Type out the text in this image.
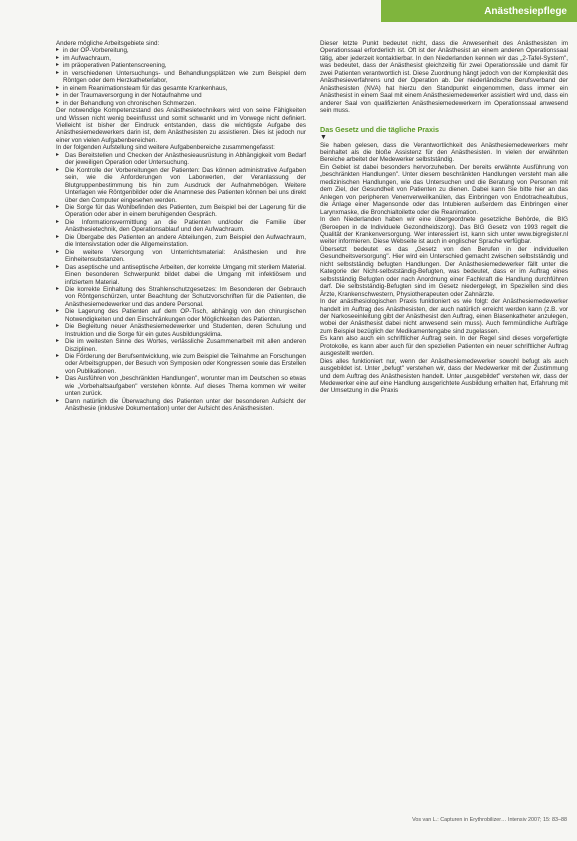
Anästhesiepflege

Andere mögliche Arbeitsgebiete sind:

▸ in der OP-Vorbereitung,
▸ im Aufwachraum,
▸ im präoperativen Patientenscreening,
▸ in verschiedenen Untersuchungs- und Behandlungsplätzen wie zum Beispiel dem Röntgen oder dem Herzkatheterlabor,
▸ in einem Reanimationsteam für das gesamte Krankenhaus,
▸ in der Traumaversorgung in der Notaufnahme und
▸ in der Behandlung von chronischen Schmerzen.

Der notwendige Kompetenzstand des Anästhesietechnikers wird von seine Fähigkeiten und Wissen nicht wenig beeinflusst und somit schwankt und im Vorwege nicht definiert. Vielleicht ist bisher der Eindruck entstanden, dass die wichtigste Aufgabe des Anästhesiemedewerkers darin ist, dem Anästhesisten zu assistieren. Dies ist jedoch nur einer von vielen Aufgabenbereichen.

In der folgenden Aufstellung sind weitere Aufgabenbereiche zusammengefasst:

▸ Das Bereitstellen und Checken der Anästhesieausrüstung in Abhängigkeit vom Bedarf der jeweiligen Operation oder Untersuchung.
▸ Die Kontrolle der Vorbereitungen der Patienten: Das können administrative Aufgaben sein, wie die Anforderungen von Laborwerten, der Veranlassung der Blutgruppenbestimmung bis hin zum Ausdruck der Aufnahmebögen. Weitere Unterlagen wie Röntgenbilder oder die Anamnese des Patienten können bei uns direkt über den Computer eingesehen werden.
▸ Die Sorge für das Wohlbefinden des Patienten, zum Beispiel bei der Lagerung für die Operation oder aber in einem beruhigenden Gespräch.
▸ Die Informationsvermittlung an die Patienten und/oder die Familie über Anästhesietechnik, den Operationsablauf und den Aufwachraum.
▸ Die Übergabe des Patienten an andere Abteilungen, zum Beispiel den Aufwachraum, die Intensivstation oder die Allgemeinstation.
▸ Die weitere Versorgung von Unterrichtsmaterial: Anästhesien und ihre Einheitensubstanzen.
▸ Das aseptische und antiseptische Arbeiten, der korrekte Umgang mit sterilem Material. Einen besonderen Schwerpunkt bildet dabei die Umgang mit infektiösem und infiziertem Material.
▸ Die korrekte Einhaltung des Strahlenschutzgesetzes: Im Besonderen der Gebrauch von Röntgenschürzen, unter Beachtung der Schutzvorschriften für die Patienten, die Anästhesiemedewerker und das andere Personal.
▸ Die Lagerung des Patienten auf dem OP-Tisch, abhängig von den chirurgischen Notwendigkeiten und den Einschränkungen oder Möglichkeiten des Patienten.
▸ Die Begleitung neuer Anästhesiemedewerker und Studenten, deren Schulung und Instruktion und die Sorge für ein gutes Ausbildungsklima.
▸ Die im weitesten Sinne des Wortes, verlässliche Zusammenarbeit mit allen anderen Disziplinen.
▸ Die Förderung der Berufsentwicklung, wie zum Beispiel die Teilnahme an Forschungen oder Arbeitsgruppen, der Besuch von Symposien oder Kongressen sowie das Erstellen von Publikationen.
▸ Das Ausführen von „beschränkten Handlungen", worunter man im Deutschen so etwas wie „Vorbehaltsaufgaben" verstehen könnte. Auf dieses Thema kommen wir weiter unten zurück.
▸ Dann natürlich die Überwachung des Patienten unter der besonderen Aufsicht der Anästhesie (inklusive Dokumentation) unter der Aufsicht des Anästhesisten.

Dieser letzte Punkt bedeutet nicht, dass die Anwesenheit des Anästhesisten im Operationssaal erforderlich ist. Oft ist der Anästhesist an einem anderen Operationssaal tätig, aber jederzeit kontaktierbar. In den Niederlanden kennen wir das „2-Tafel-System", was bedeutet, dass der Anästhesist gleichzeitig für zwei Operationssäle und damit für zwei Patienten verantwortlich ist. Diese Zuordnung hängt jedoch von der Komplexität des Anästhesieverfahrens und der Operation ab. Der niederländische Berufsverband der Anästhesisten (NVA) hat hierzu den Standpunkt eingenommen, dass immer ein Anästhesist in einem Saal mit einem Anästhesiemedewerker assistiert wird und, dass ein anderer Saal von qualifizierten Anästhesiemedewerkern im Operationssaal anwesend sein muss.

Das Gesetz und die tägliche Praxis
▼

Sie haben gelesen, dass die Verantwortlichkeit des Anästhesiemedewerkers mehr beinhaltet als die bloße Assistenz für den Anästhesisten. In vielen der erwähnten Bereiche arbeitet der Medewerker selbstständig.

Ein Gebiet ist dabei besonders hervorzuheben. Der bereits erwähnte Ausführung von „beschränkten Handlungen". Unter diesem beschränkten Handlungen versteht man alle medizinischen Handlungen, wie das Untersuchen und die Beratung von Personen mit dem Ziel, der Gesundheit von Patienten zu dienen. Dabei kann Sie bitte hier an das Anlegen von peripheren Venenverweilkanülen, das Einbringen von Endotrachealtubus, die Anlage einer Magensonde oder das Intubieren außerdem das Einbringen einer Larynxmaske, die Bronchialtoilette oder die Reanimation.

In den Niederlanden haben wir eine übergeordnete gesetzliche Behörde, die BIG (Beroepen in de Individuele Gezondheidszorg). Das BIG Gesetz von 1993 regelt die Qualität der Krankenversorgung. Wer interessiert ist, kann sich unter www.bigregister.nl weiter informieren. Diese Webseite ist auch in englischer Sprache verfügbar.

Übersetzt bedeutet es das „Gesetz von den Berufen in der individuellen Gesundheitsversorgung". Hier wird ein Unterschied gemacht zwischen selbstständig und nicht selbstständig befugten Handlungen. Der Anästhesiemedewerker fällt unter die Kategorie der Nicht-selbstständig-Befugten, was bedeutet, dass er im Auftrag eines selbstständig Befugten oder nach Anordnung einer Fachkraft die Handlung durchführen darf. Die selbstständig-Befugten sind im Gesetz niedergelegt, im Speziellen sind dies Ärzte, Krankenschwestern, Physiotherapeuten oder Zahnärzte.

In der anästhesiologischen Praxis funktioniert es wie folgt: der Anästhesiemedewerker handelt im Auftrag des Anästhesisten, der auch natürlich erreicht werden kann (z.B. vor der Narkoseeinleitung gibt der Anästhesist den Auftrag, einen Blasenkatheter anzulegen, wobei der Anästhesist dabei nicht anwesend sein muss). Auch fernmündliche Aufträge zum Beispiel bezüglich der Medikamentengabe sind zugelassen.

Es kann also auch ein schriftlicher Auftrag sein. In der Regel sind dieses vorgefertigte Protokolle, es kann aber auch für den speziellen Patienten ein neuer schriftlicher Auftrag ausgestellt werden.

Dies alles funktioniert nur, wenn der Anästhesiemedewerker sowohl befugt als auch ausgebildet ist. Unter „befugt" verstehen wir, dass der Medewerker mit der Zustimmung und dem Auftrag des Anästhesisten handelt. Unter „ausgebildet" verstehen wir, dass der Medewerker eine auf eine Handlung ausgerichtete Ausbildung erhalten hat, Erfahrung mit der Umsetzung in die Praxis

Vos van L.: Capturen in Erythrobilizer… Intensiv 2007; 15: 83–88
